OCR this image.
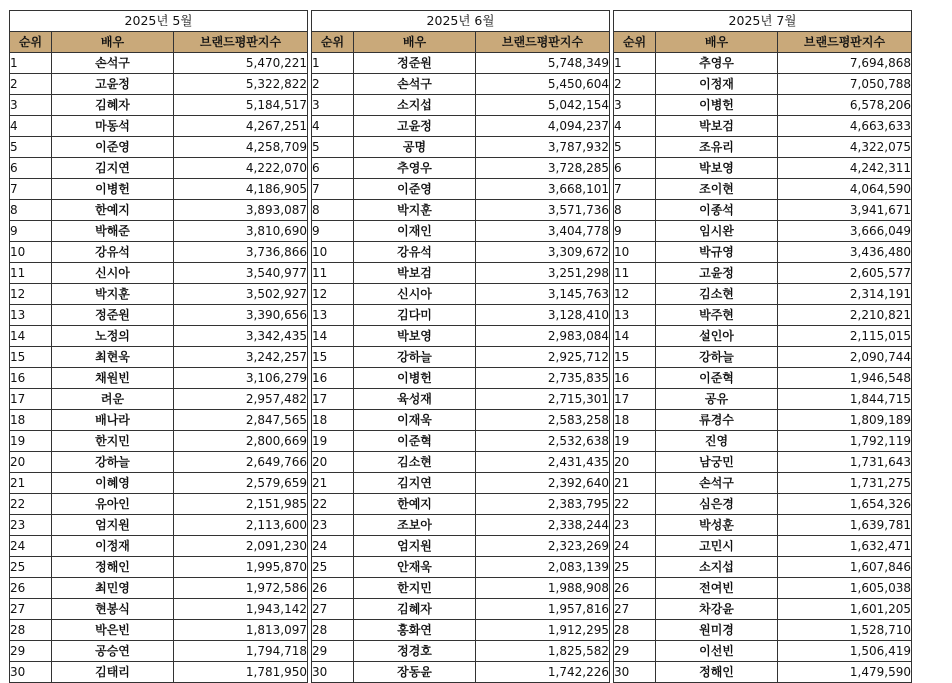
2025년 5월		
순위	배우	브랜드평판지수
1	손석구	5,470,221
2	고윤정	5,322,822
3	김혜자	5,184,517
4	마동석	4,267,251
5	이준영	4,258,709
6	김지연	4,222,070
7	이병헌	4,186,905
8	한예지	3,893,087
9	박해준	3,810,690
10	강유석	3,736,866
11	신시아	3,540,977
12	박지훈	3,502,927
13	정준원	3,390,656
14	노정의	3,342,435
15	최현욱	3,242,257
16	채원빈	3,106,279
17	려운	2,957,482
18	배나라	2,847,565
19	한지민	2,800,669
20	강하늘	2,649,766
21	이혜영	2,579,659
22	유아인	2,151,985
23	엄지원	2,113,600
24	이정재	2,091,230
25	정해인	1,995,870
26	최민영	1,972,586
27	현봉식	1,943,142
28	박은빈	1,813,097
29	공승연	1,794,718
30	김태리	1,781,950
2025년 6월		
순위	배우	브랜드평판지수
1	정준원	5,748,349
2	손석구	5,450,604
3	소지섭	5,042,154
4	고윤정	4,094,237
5	공명	3,787,932
6	추영우	3,728,285
7	이준영	3,668,101
8	박지훈	3,571,736
9	이재인	3,404,778
10	강유석	3,309,672
11	박보검	3,251,298
12	신시아	3,145,763
13	김다미	3,128,410
14	박보영	2,983,084
15	강하늘	2,925,712
16	이병헌	2,735,835
17	육성재	2,715,301
18	이재욱	2,583,258
19	이준혁	2,532,638
20	김소현	2,431,435
21	김지연	2,392,640
22	한예지	2,383,795
23	조보아	2,338,244
24	엄지원	2,323,269
25	안재욱	2,083,139
26	한지민	1,988,908
27	김혜자	1,957,816
28	홍화연	1,912,295
29	정경호	1,825,582
30	장동윤	1,742,226
2025년 7월		
순위	배우	브랜드평판지수
1	추영우	7,694,868
2	이정재	7,050,788
3	이병헌	6,578,206
4	박보검	4,663,633
5	조유리	4,322,075
6	박보영	4,242,311
7	조이현	4,064,590
8	이종석	3,941,671
9	임시완	3,666,049
10	박규영	3,436,480
11	고윤정	2,605,577
12	김소현	2,314,191
13	박주현	2,210,821
14	설인아	2,115,015
15	강하늘	2,090,744
16	이준혁	1,946,548
17	공유	1,844,715
18	류경수	1,809,189
19	진영	1,792,119
20	남궁민	1,731,643
21	손석구	1,731,275
22	심은경	1,654,326
23	박성훈	1,639,781
24	고민시	1,632,471
25	소지섭	1,607,846
26	전여빈	1,605,038
27	차강윤	1,601,205
28	원미경	1,528,710
29	이선빈	1,506,419
30	정해인	1,479,590
